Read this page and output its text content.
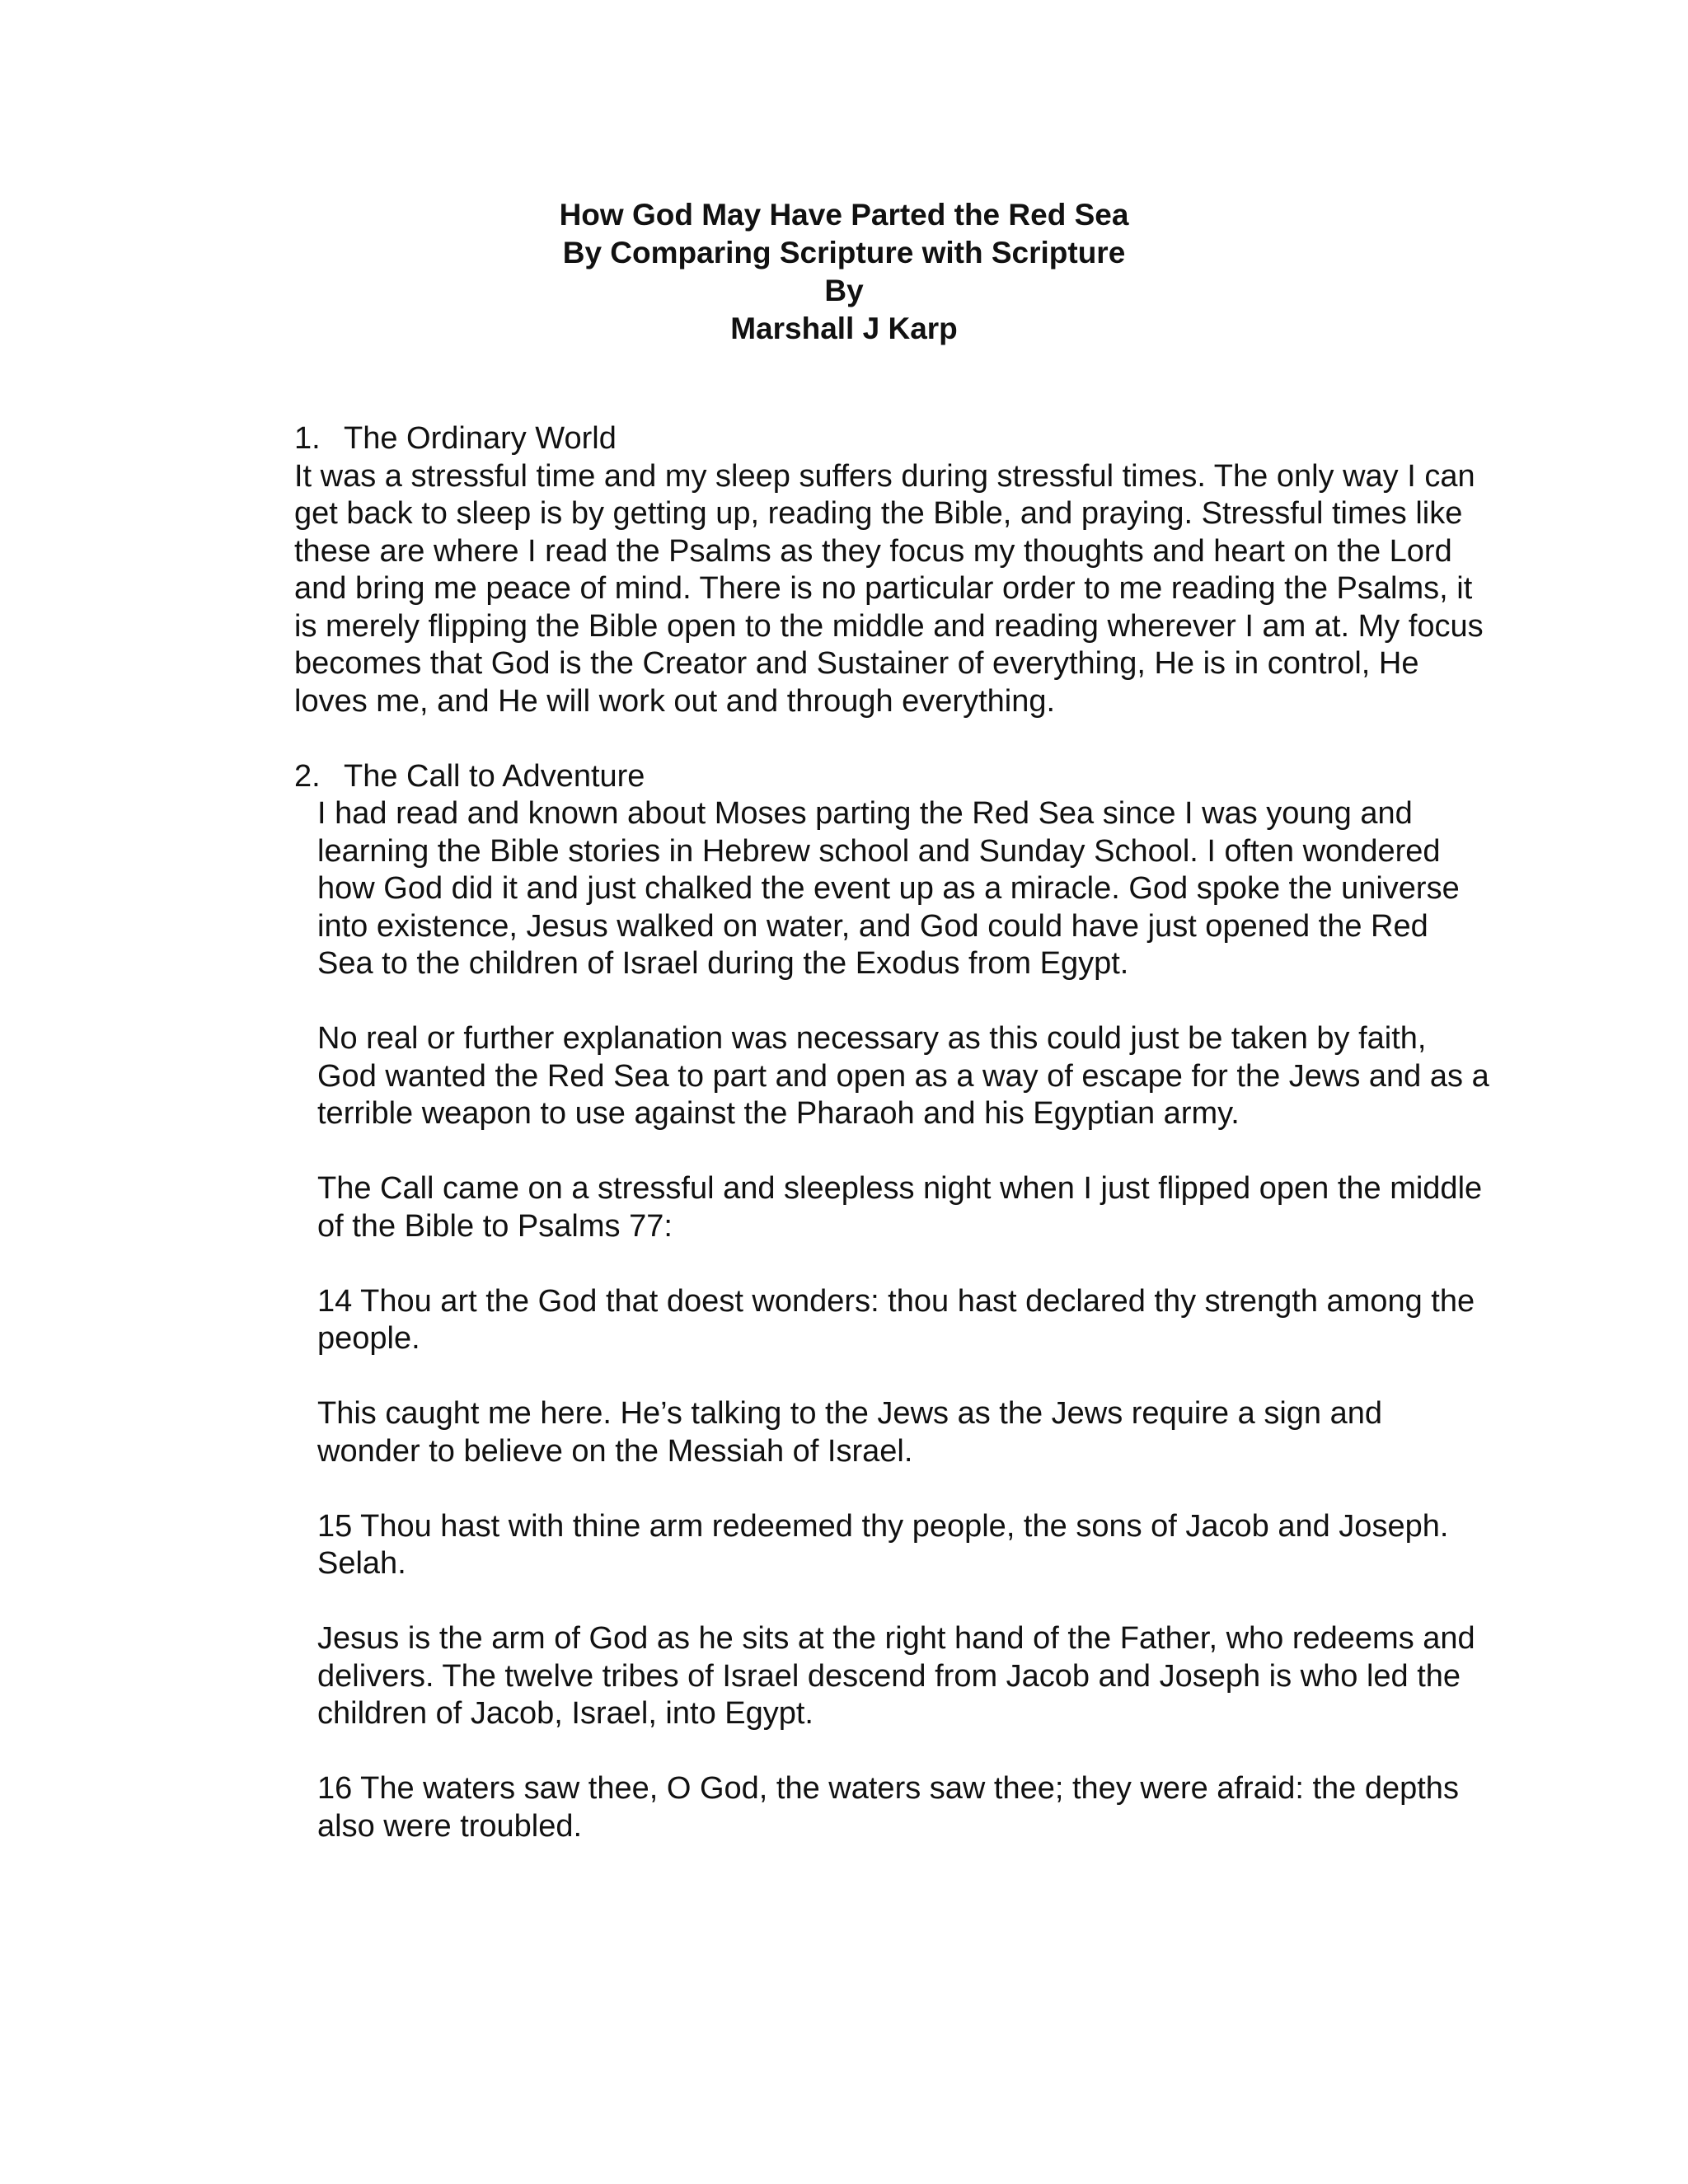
How God May Have Parted the Red Sea
By Comparing Scripture with Scripture
By
Marshall J Karp

1. The Ordinary World

It was a stressful time and my sleep suffers during stressful times. The only way I can get back to sleep is by getting up, reading the Bible, and praying. Stressful times like these are where I read the Psalms as they focus my thoughts and heart on the Lord and bring me peace of mind. There is no particular order to me reading the Psalms, it is merely flipping the Bible open to the middle and reading wherever I am at. My focus becomes that God is the Creator and Sustainer of everything, He is in control, He loves me, and He will work out and through everything.

2. The Call to Adventure

I had read and known about Moses parting the Red Sea since I was young and learning the Bible stories in Hebrew school and Sunday School. I often wondered how God did it and just chalked the event up as a miracle. God spoke the universe into existence, Jesus walked on water, and God could have just opened the Red Sea to the children of Israel during the Exodus from Egypt.

No real or further explanation was necessary as this could just be taken by faith, God wanted the Red Sea to part and open as a way of escape for the Jews and as a terrible weapon to use against the Pharaoh and his Egyptian army.

The Call came on a stressful and sleepless night when I just flipped open the middle of the Bible to Psalms 77:

14 Thou art the God that doest wonders: thou hast declared thy strength among the people.

This caught me here. He’s talking to the Jews as the Jews require a sign and wonder to believe on the Messiah of Israel.

15 Thou hast with thine arm redeemed thy people, the sons of Jacob and Joseph. Selah.

Jesus is the arm of God as he sits at the right hand of the Father, who redeems and delivers. The twelve tribes of Israel descend from Jacob and Joseph is who led the children of Jacob, Israel, into Egypt.

16 The waters saw thee, O God, the waters saw thee; they were afraid: the depths also were troubled.
